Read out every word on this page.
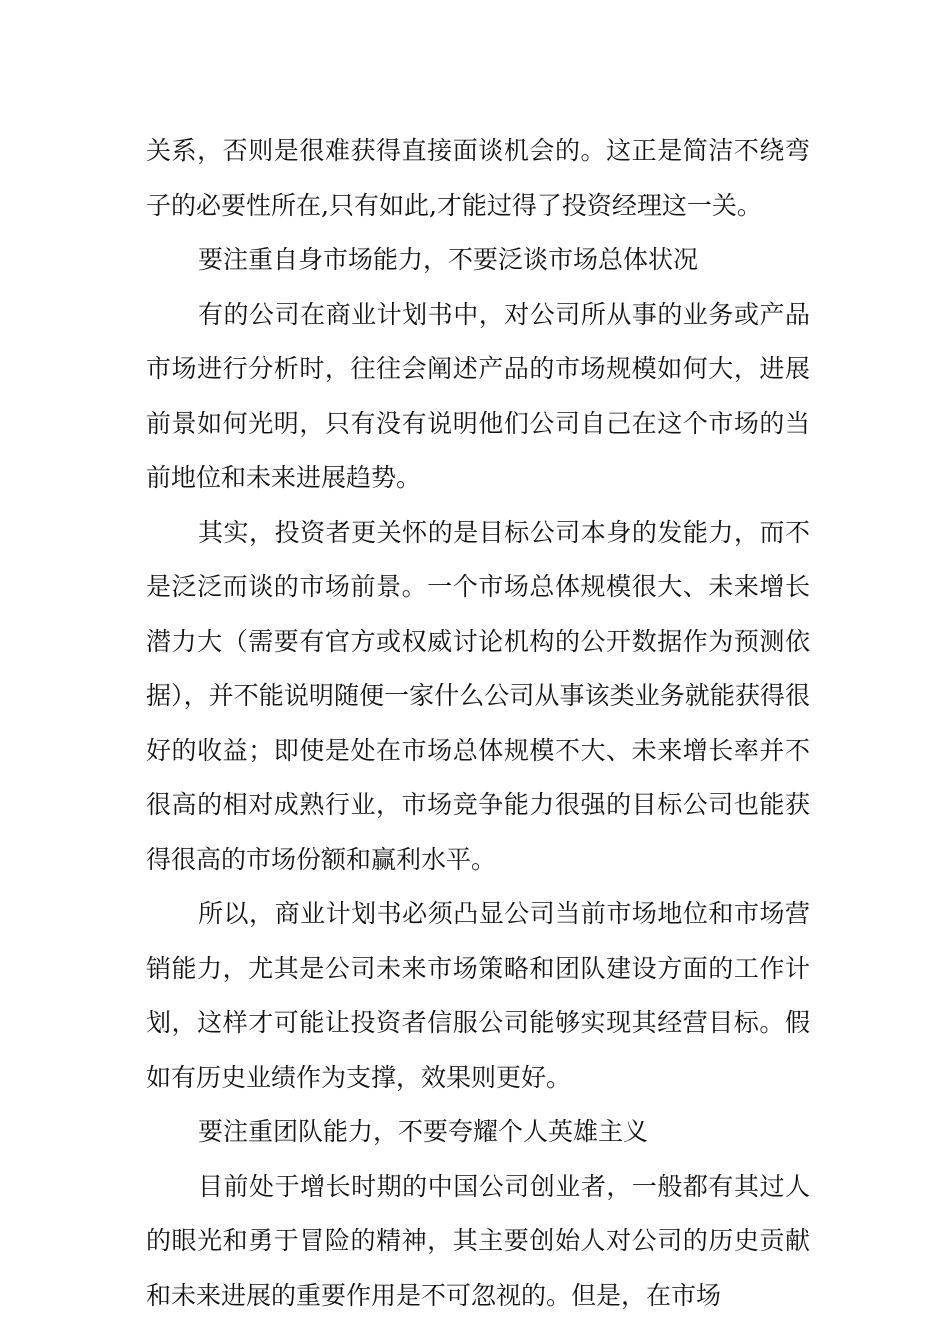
关系，否则是很难获得直接面谈机会的。这正是简洁不绕弯子的必要性所在,只有如此,才能过得了投资经理这一关。

要注重自身市场能力，不要泛谈市场总体状况

有的公司在商业计划书中，对公司所从事的业务或产品市场进行分析时，往往会阐述产品的市场规模如何大，进展前景如何光明，只有没有说明他们公司自己在这个市场的当前地位和未来进展趋势。

其实，投资者更关怀的是目标公司本身的发能力，而不是泛泛而谈的市场前景。一个市场总体规模很大、未来增长潜力大（需要有官方或权威讨论机构的公开数据作为预测依据），并不能说明随便一家什么公司从事该类业务就能获得很好的收益；即使是处在市场总体规模不大、未来增长率并不很高的相对成熟行业，市场竞争能力很强的目标公司也能获得很高的市场份额和赢利水平。

所以，商业计划书必须凸显公司当前市场地位和市场营销能力，尤其是公司未来市场策略和团队建设方面的工作计划，这样才可能让投资者信服公司能够实现其经营目标。假如有历史业绩作为支撑，效果则更好。

要注重团队能力，不要夸耀个人英雄主义

目前处于增长时期的中国公司创业者，一般都有其过人的眼光和勇于冒险的精神，其主要创始人对公司的历史贡献和未来进展的重要作用是不可忽视的。但是，在市场
